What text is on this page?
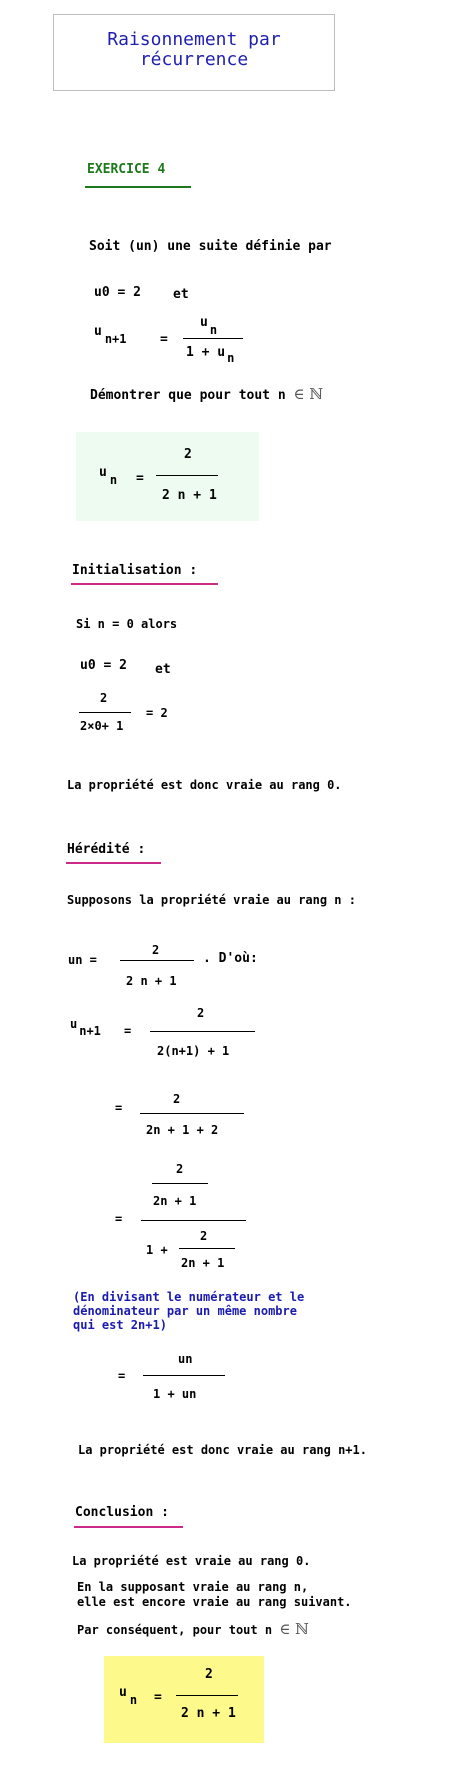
Raisonnement par
récurrence
EXERCICE 4
Soit (un) une suite définie par
u0 = 2 et
u n+1	=
u n
1 + u n
Démontrer que pour tout n ∈ ℕ
u n =
2
2 n + 1
Initialisation :
Si n = 0 alors
u0 = 2 et
2
2×0+ 1
= 2
La propriété est donc vraie au rang 0.
Hérédité :
Supposons la propriété vraie au rang n :
un =
2
2 n + 1
. D'où:
u n+1 =
2
2(n+1) + 1
=
2
2n + 1 + 2
=
2
2n + 1
1 +
2
2n + 1
(En divisant le numérateur et le
dénominateur par un même nombre
qui est 2n+1)
=
un
1 + un
La propriété est donc vraie au rang n+1.
Conclusion :
La propriété est vraie au rang 0.
En la supposant vraie au rang n,
elle est encore vraie au rang suivant.
Par conséquent, pour tout n ∈ ℕ
u n =
2
2 n + 1
